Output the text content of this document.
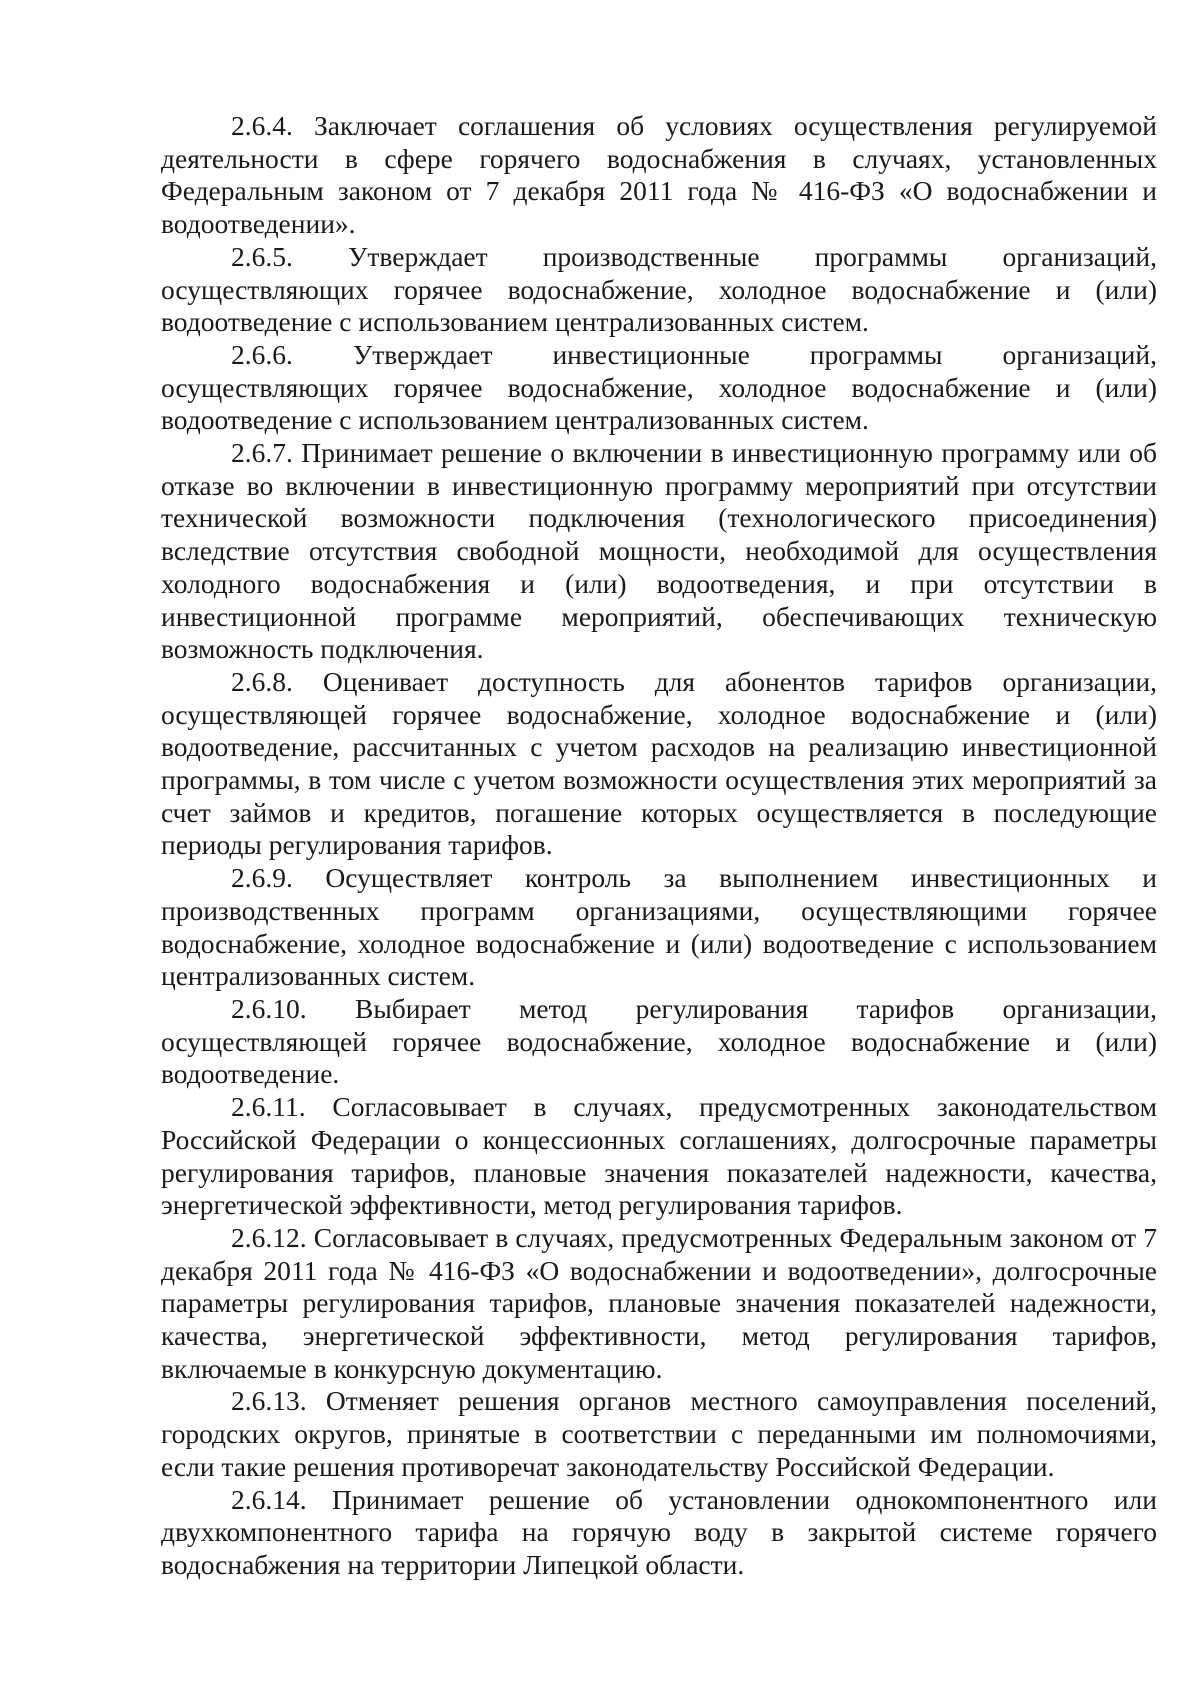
2.6.4. Заключает соглашения об условиях осуществления регулируемой деятельности в сфере горячего водоснабжения в случаях, установленных Федеральным законом от 7 декабря 2011 года № 416-ФЗ «О водоснабжении и водоотведении».

2.6.5. Утверждает производственные программы организаций, осуществляющих горячее водоснабжение, холодное водоснабжение и (или) водоотведение с использованием централизованных систем.

2.6.6. Утверждает инвестиционные программы организаций, осуществляющих горячее водоснабжение, холодное водоснабжение и (или) водоотведение с использованием централизованных систем.

2.6.7. Принимает решение о включении в инвестиционную программу или об отказе во включении в инвестиционную программу мероприятий при отсутствии технической возможности подключения (технологического присоединения) вследствие отсутствия свободной мощности, необходимой для осуществления холодного водоснабжения и (или) водоотведения, и при отсутствии в инвестиционной программе мероприятий, обеспечивающих техническую возможность подключения.

2.6.8. Оценивает доступность для абонентов тарифов организации, осуществляющей горячее водоснабжение, холодное водоснабжение и (или) водоотведение, рассчитанных с учетом расходов на реализацию инвестиционной программы, в том числе с учетом возможности осуществления этих мероприятий за счет займов и кредитов, погашение которых осуществляется в последующие периоды регулирования тарифов.

2.6.9. Осуществляет контроль за выполнением инвестиционных и производственных программ организациями, осуществляющими горячее водоснабжение, холодное водоснабжение и (или) водоотведение с использованием централизованных систем.

2.6.10. Выбирает метод регулирования тарифов организации, осуществляющей горячее водоснабжение, холодное водоснабжение и (или) водоотведение.

2.6.11. Согласовывает в случаях, предусмотренных законодательством Российской Федерации о концессионных соглашениях, долгосрочные параметры регулирования тарифов, плановые значения показателей надежности, качества, энергетической эффективности, метод регулирования тарифов.

2.6.12. Согласовывает в случаях, предусмотренных Федеральным законом от 7 декабря 2011 года № 416-ФЗ «О водоснабжении и водоотведении», долгосрочные параметры регулирования тарифов, плановые значения показателей надежности, качества, энергетической эффективности, метод регулирования тарифов, включаемые в конкурсную документацию.

2.6.13. Отменяет решения органов местного самоуправления поселений, городских округов, принятые в соответствии с переданными им полномочиями, если такие решения противоречат законодательству Российской Федерации.

2.6.14. Принимает решение об установлении однокомпонентного или двухкомпонентного тарифа на горячую воду в закрытой системе горячего водоснабжения на территории Липецкой области.
